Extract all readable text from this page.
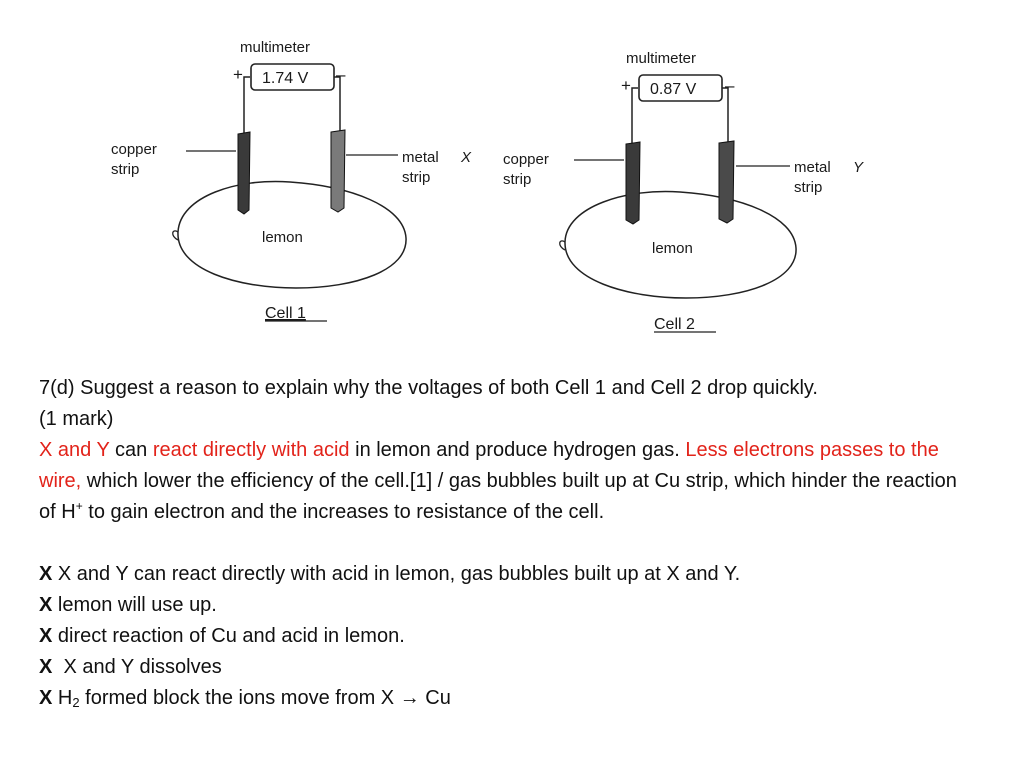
multimeter
1.74 V
+	–
copper
strip
metal X
strip
lemon
Cell 1
multimeter
0.87 V
+	–
copper
strip
metal Y
strip
lemon
Cell 2

7(d) Suggest a reason to explain why the voltages of both Cell 1 and Cell 2 drop quickly.
(1 mark)

X and Y can react directly with acid in lemon and produce hydrogen gas. Less electrons passes to the wire, which lower the efficiency of the cell.[1] / gas bubbles built up at Cu strip, which hinder the reaction of H+ to gain electron and the increases to resistance of the cell.

X X and Y can react directly with acid in lemon, gas bubbles built up at X and Y.

X lemon will use up.

X direct reaction of Cu and acid in lemon.

X  X and Y dissolves

X $H_2$ formed block the ions move from X → Cu
